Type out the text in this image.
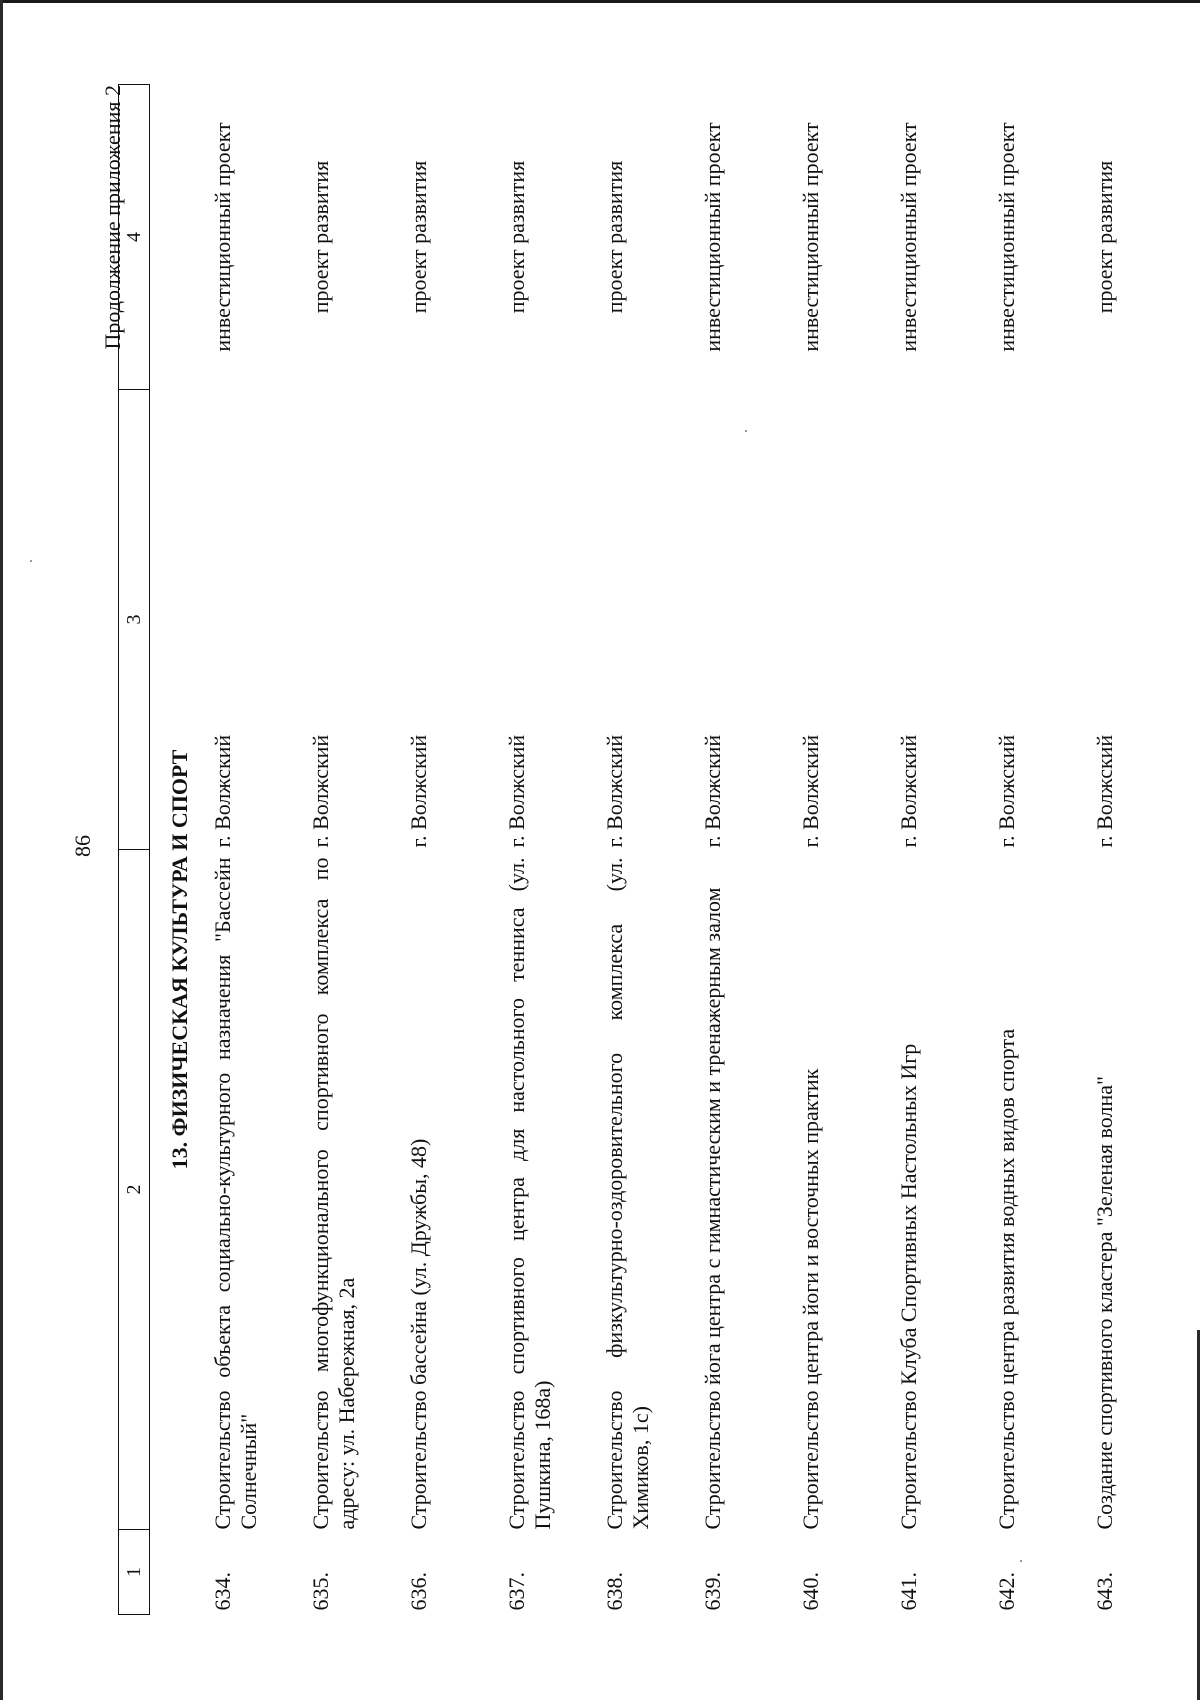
86
Продолжение приложения 2
1	2	3	4
	13. ФИЗИЧЕСКАЯ КУЛЬТУРА И СПОРТ		
634.	Строительство объекта социально-культурного назначения "Бассейн Солнечный"	г. Волжский	инвестиционный проект
635.	Строительство многофункционального спортивного комплекса по адресу: ул. Набережная, 2а	г. Волжский	проект развития
636.	Строительство бассейна (ул. Дружбы, 48)	г. Волжский	проект развития
637.	Строительство спортивного центра для настольного тенниса (ул. Пушкина, 168а)	г. Волжский	проект развития
638.	Строительство физкультурно-оздоровительного комплекса (ул. Химиков, 1с)	г. Волжский	проект развития
639.	Строительство йога центра с гимнастическим и тренажерным залом	г. Волжский	инвестиционный проект
640.	Строительство центра йоги и восточных практик	г. Волжский	инвестиционный проект
641.	Строительство Клуба Спортивных Настольных Игр	г. Волжский	инвестиционный проект
642.	Строительство центра развития водных видов спорта	г. Волжский	инвестиционный проект
643.	Создание спортивного кластера "Зеленая волна"	г. Волжский	проект развития
